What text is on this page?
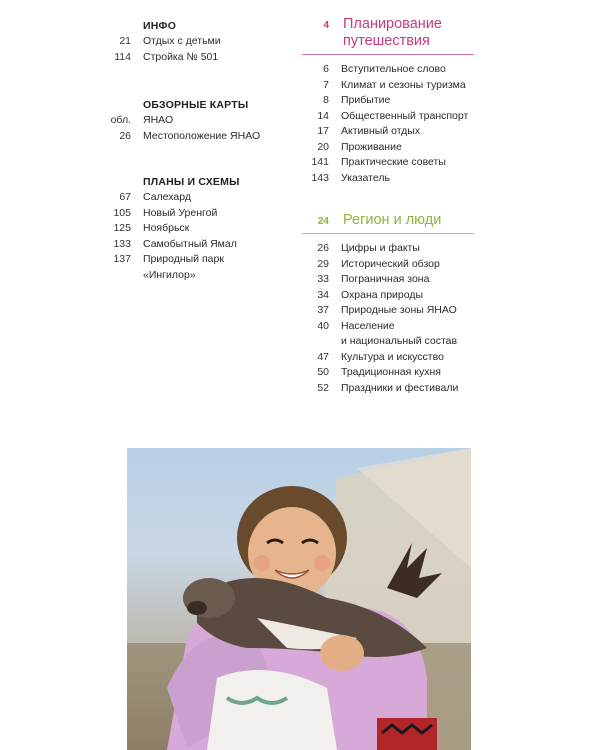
ИНФО
21	Отдых с детьми
114	Стройка № 501
ОБЗОРНЫЕ КАРТЫ
обл.	ЯНАО
26	Местоположение ЯНАО
ПЛАНЫ И СХЕМЫ
67	Салехард
105	Новый Уренгой
125	Ноябрьск
133	Самобытный Ямал
137	Природный парк
«Ингилор»
4 Планирование
путешествия
6	Вступительное слово
7	Климат и сезоны туризма
8	Прибытие
14	Общественный транспорт
17	Активный отдых
20	Проживание
141	Практические советы
143	Указатель
24 Регион и люди
26	Цифры и факты
29	Исторический обзор
33	Пограничная зона
34	Охрана природы
37	Природные зоны ЯНАО
40	Население
и национальный состав
47	Культура и искусство
50	Традиционная кухня
52	Праздники и фестивали
